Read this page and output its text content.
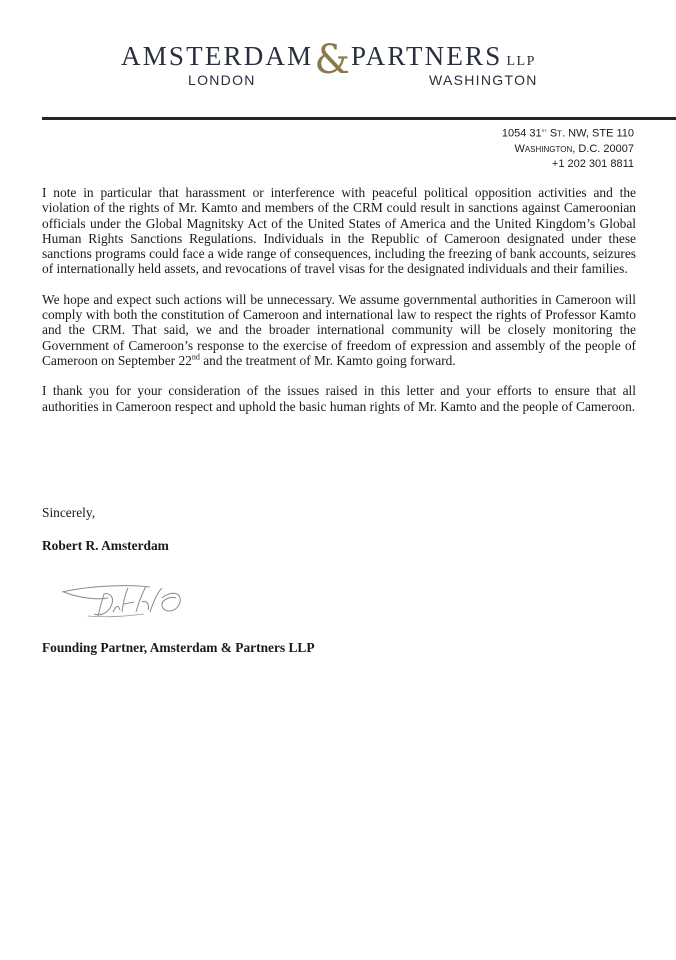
AMSTERDAM&PARTNERS LLP
LONDON	WASHINGTON
1054 31st St. NW, STE 110
Washington, D.C. 20007
+1 202 301 8811

I note in particular that harassment or interference with peaceful political opposition activities and the violation of the rights of Mr. Kamto and members of the CRM could result in sanctions against Cameroonian officials under the Global Magnitsky Act of the United States of America and the United Kingdom’s Global Human Rights Sanctions Regulations. Individuals in the Republic of Cameroon designated under these sanctions programs could face a wide range of consequences, including the freezing of bank accounts, seizures of internationally held assets, and revocations of travel visas for the designated individuals and their families.

We hope and expect such actions will be unnecessary. We assume governmental authorities in Cameroon will comply with both the constitution of Cameroon and international law to respect the rights of Professor Kamto and the CRM. That said, we and the broader international community will be closely monitoring the Government of Cameroon’s response to the exercise of freedom of expression and assembly of the people of Cameroon on September 22nd and the treatment of Mr. Kamto going forward.

I thank you for your consideration of the issues raised in this letter and your efforts to ensure that all authorities in Cameroon respect and uphold the basic human rights of Mr. Kamto and the people of Cameroon.

Sincerely,
Robert R. Amsterdam
Founding Partner, Amsterdam & Partners LLP
